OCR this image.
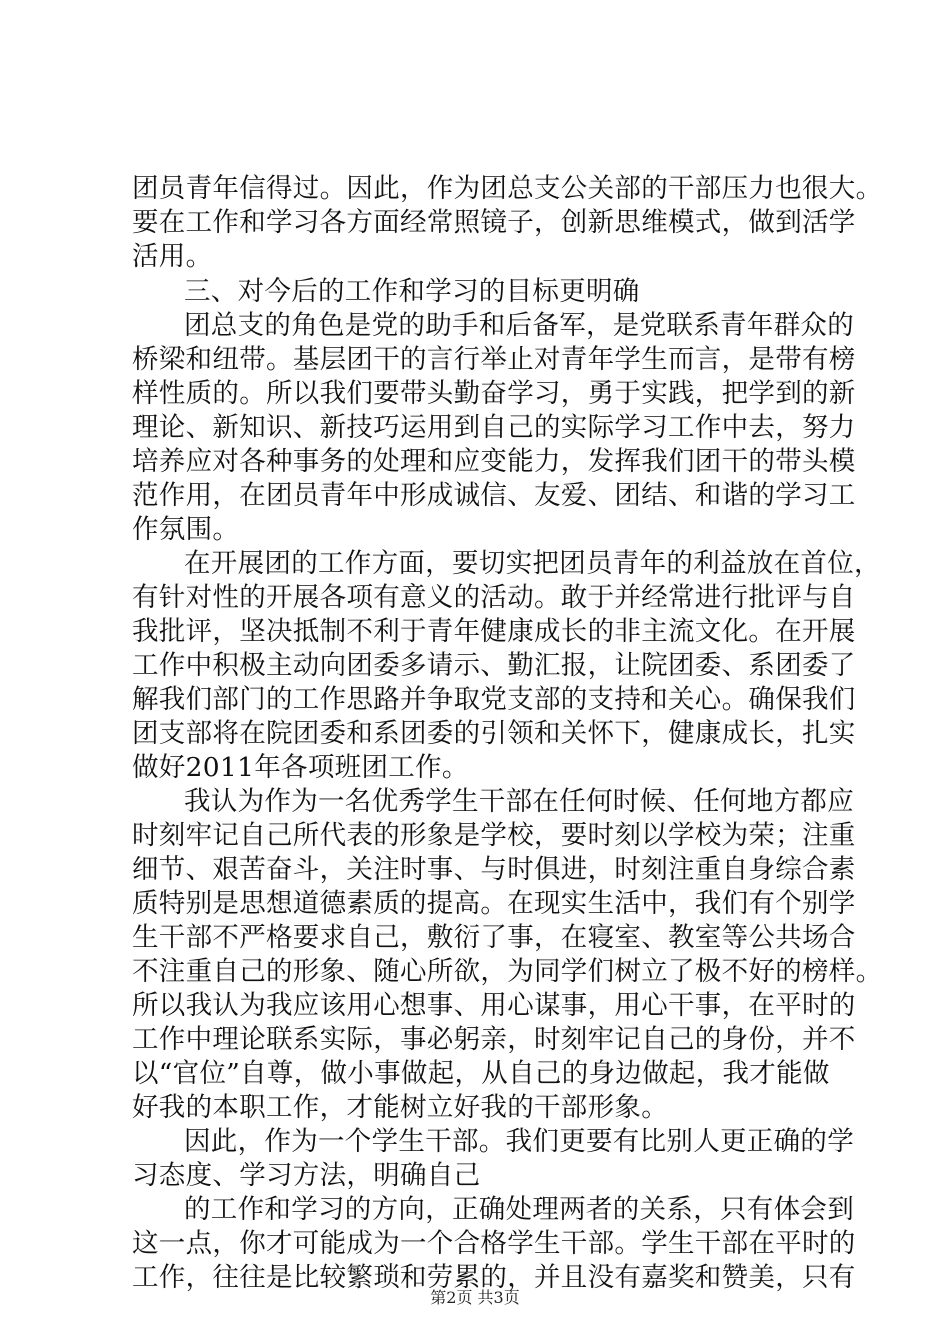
团员青年信得过。因此，作为团总支公关部的干部压力也很大。
要在工作和学习各方面经常照镜子，创新思维模式，做到活学
活用。
三、对今后的工作和学习的目标更明确
团总支的角色是党的助手和后备军，是党联系青年群众的
桥梁和纽带。基层团干的言行举止对青年学生而言，是带有榜
样性质的。所以我们要带头勤奋学习，勇于实践，把学到的新
理论、新知识、新技巧运用到自己的实际学习工作中去，努力
培养应对各种事务的处理和应变能力，发挥我们团干的带头模
范作用，在团员青年中形成诚信、友爱、团结、和谐的学习工
作氛围。
在开展团的工作方面，要切实把团员青年的利益放在首位，
有针对性的开展各项有意义的活动。敢于并经常进行批评与自
我批评，坚决抵制不利于青年健康成长的非主流文化。在开展
工作中积极主动向团委多请示、勤汇报，让院团委、系团委了
解我们部门的工作思路并争取党支部的支持和关心。确保我们
团支部将在院团委和系团委的引领和关怀下，健康成长，扎实
做好2011年各项班团工作。
我认为作为一名优秀学生干部在任何时候、任何地方都应
时刻牢记自己所代表的形象是学校，要时刻以学校为荣；注重
细节、艰苦奋斗，关注时事、与时俱进，时刻注重自身综合素
质特别是思想道德素质的提高。在现实生活中，我们有个别学
生干部不严格要求自己，敷衍了事，在寝室、教室等公共场合
不注重自己的形象、随心所欲，为同学们树立了极不好的榜样。
所以我认为我应该用心想事、用心谋事，用心干事，在平时的
工作中理论联系实际，事必躬亲，时刻牢记自己的身份，并不
以“官位”自尊，做小事做起，从自己的身边做起，我才能做
好我的本职工作，才能树立好我的干部形象。
因此，作为一个学生干部。我们更要有比别人更正确的学
习态度、学习方法，明确自己
的工作和学习的方向，正确处理两者的关系，只有体会到
这一点，你才可能成为一个合格学生干部。学生干部在平时的
工作，往往是比较繁琐和劳累的，并且没有嘉奖和赞美，只有
第2页 共3页
